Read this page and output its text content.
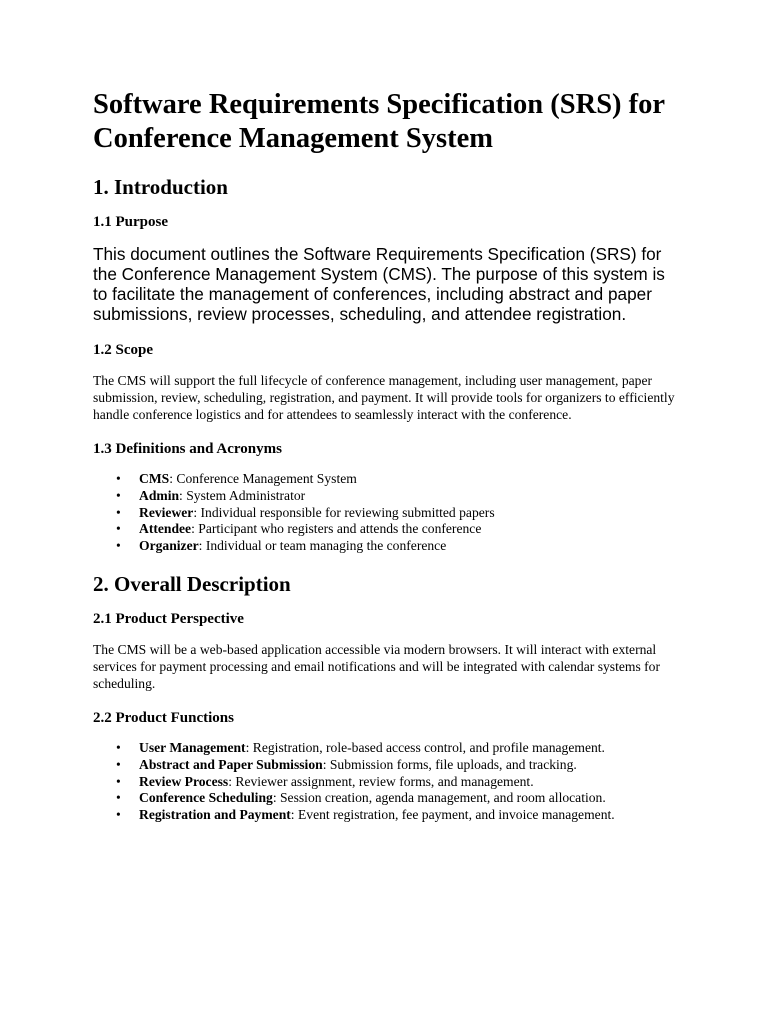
Software Requirements Specification (SRS) for Conference Management System
1. Introduction
1.1 Purpose

This document outlines the Software Requirements Specification (SRS) for the Conference Management System (CMS). The purpose of this system is to facilitate the management of conferences, including abstract and paper submissions, review processes, scheduling, and attendee registration.

1.2 Scope

The CMS will support the full lifecycle of conference management, including user management, paper submission, review, scheduling, registration, and payment. It will provide tools for organizers to efficiently handle conference logistics and for attendees to seamlessly interact with the conference.

1.3 Definitions and Acronyms
• CMS: Conference Management System
• Admin: System Administrator
• Reviewer: Individual responsible for reviewing submitted papers
• Attendee: Participant who registers and attends the conference
• Organizer: Individual or team managing the conference
2. Overall Description
2.1 Product Perspective

The CMS will be a web-based application accessible via modern browsers. It will interact with external services for payment processing and email notifications and will be integrated with calendar systems for scheduling.

2.2 Product Functions
• User Management: Registration, role-based access control, and profile management.
• Abstract and Paper Submission: Submission forms, file uploads, and tracking.
• Review Process: Reviewer assignment, review forms, and management.
• Conference Scheduling: Session creation, agenda management, and room allocation.
• Registration and Payment: Event registration, fee payment, and invoice management.
